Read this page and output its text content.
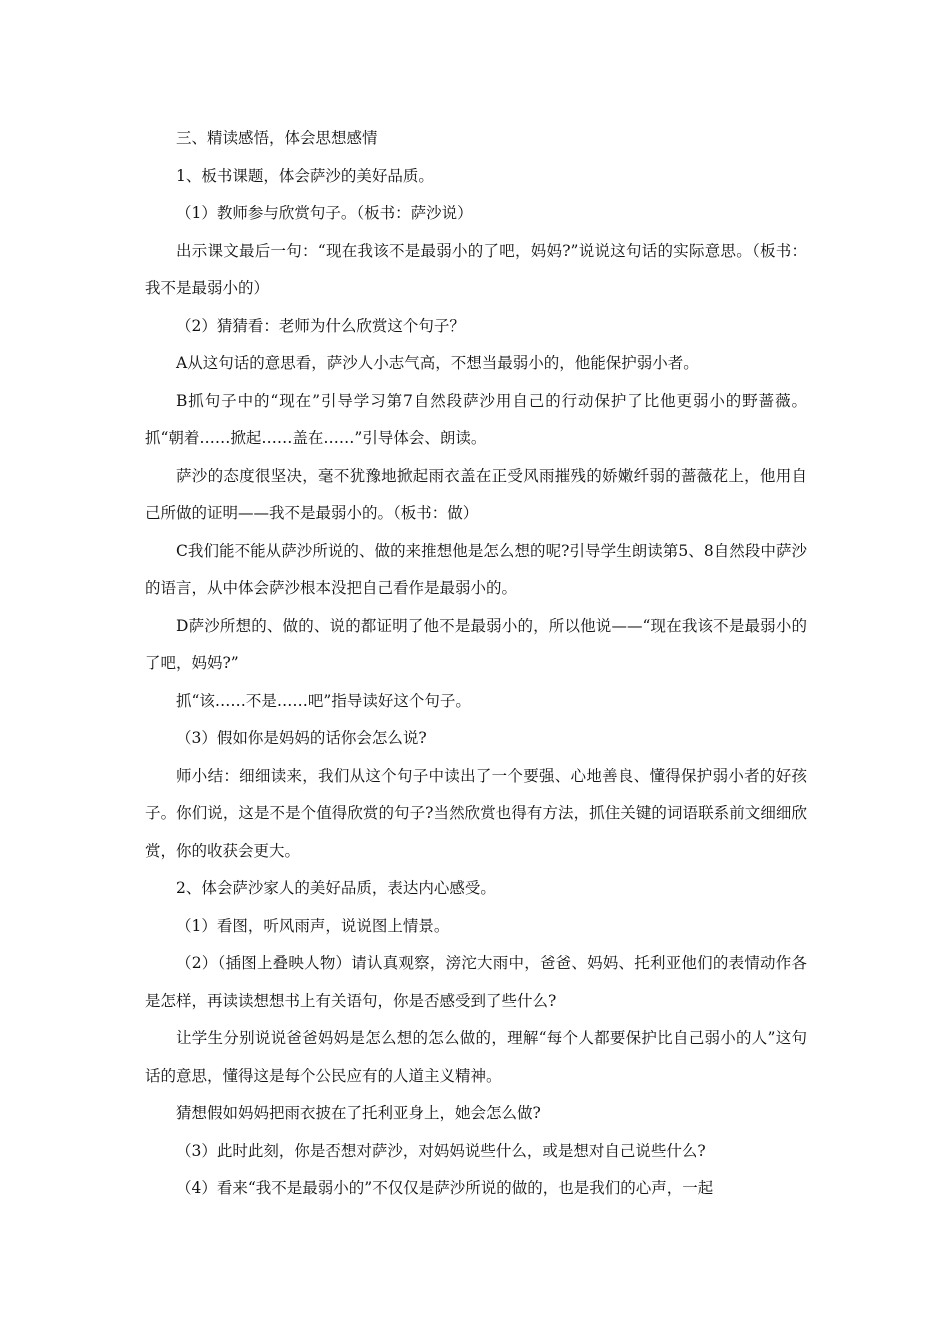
三、精读感悟，体会思想感情

1、板书课题，体会萨沙的美好品质。

（1）教师参与欣赏句子。（板书：萨沙说）

出示课文最后一句：“现在我该不是最弱小的了吧，妈妈?”说说这句话的实际意思。（板书：我不是最弱小的）

（2）猜猜看：老师为什么欣赏这个句子？

A从这句话的意思看，萨沙人小志气高，不想当最弱小的，他能保护弱小者。

B抓句子中的“现在”引导学习第7自然段萨沙用自己的行动保护了比他更弱小的野蔷薇。抓“朝着……掀起……盖在……”引导体会、朗读。

萨沙的态度很坚决，毫不犹豫地掀起雨衣盖在正受风雨摧残的娇嫩纤弱的蔷薇花上，他用自己所做的证明——我不是最弱小的。（板书：做）

C我们能不能从萨沙所说的、做的来推想他是怎么想的呢?引导学生朗读第5、8自然段中萨沙的语言，从中体会萨沙根本没把自己看作是最弱小的。

D萨沙所想的、做的、说的都证明了他不是最弱小的，所以他说——“现在我该不是最弱小的了吧，妈妈?”

抓“该……不是……吧”指导读好这个句子。

（3）假如你是妈妈的话你会怎么说?

师小结：细细读来，我们从这个句子中读出了一个要强、心地善良、懂得保护弱小者的好孩子。你们说，这是不是个值得欣赏的句子?当然欣赏也得有方法，抓住关键的词语联系前文细细欣赏，你的收获会更大。

2、体会萨沙家人的美好品质，表达内心感受。

（1）看图，听风雨声，说说图上情景。

（2）（插图上叠映人物）请认真观察，滂沱大雨中，爸爸、妈妈、托利亚他们的表情动作各是怎样，再读读想想书上有关语句，你是否感受到了些什么?

让学生分别说说爸爸妈妈是怎么想的怎么做的，理解“每个人都要保护比自己弱小的人”这句话的意思，懂得这是每个公民应有的人道主义精神。

猜想假如妈妈把雨衣披在了托利亚身上，她会怎么做?

（3）此时此刻，你是否想对萨沙，对妈妈说些什么，或是想对自己说些什么?

（4）看来“我不是最弱小的”不仅仅是萨沙所说的做的，也是我们的心声，一起
